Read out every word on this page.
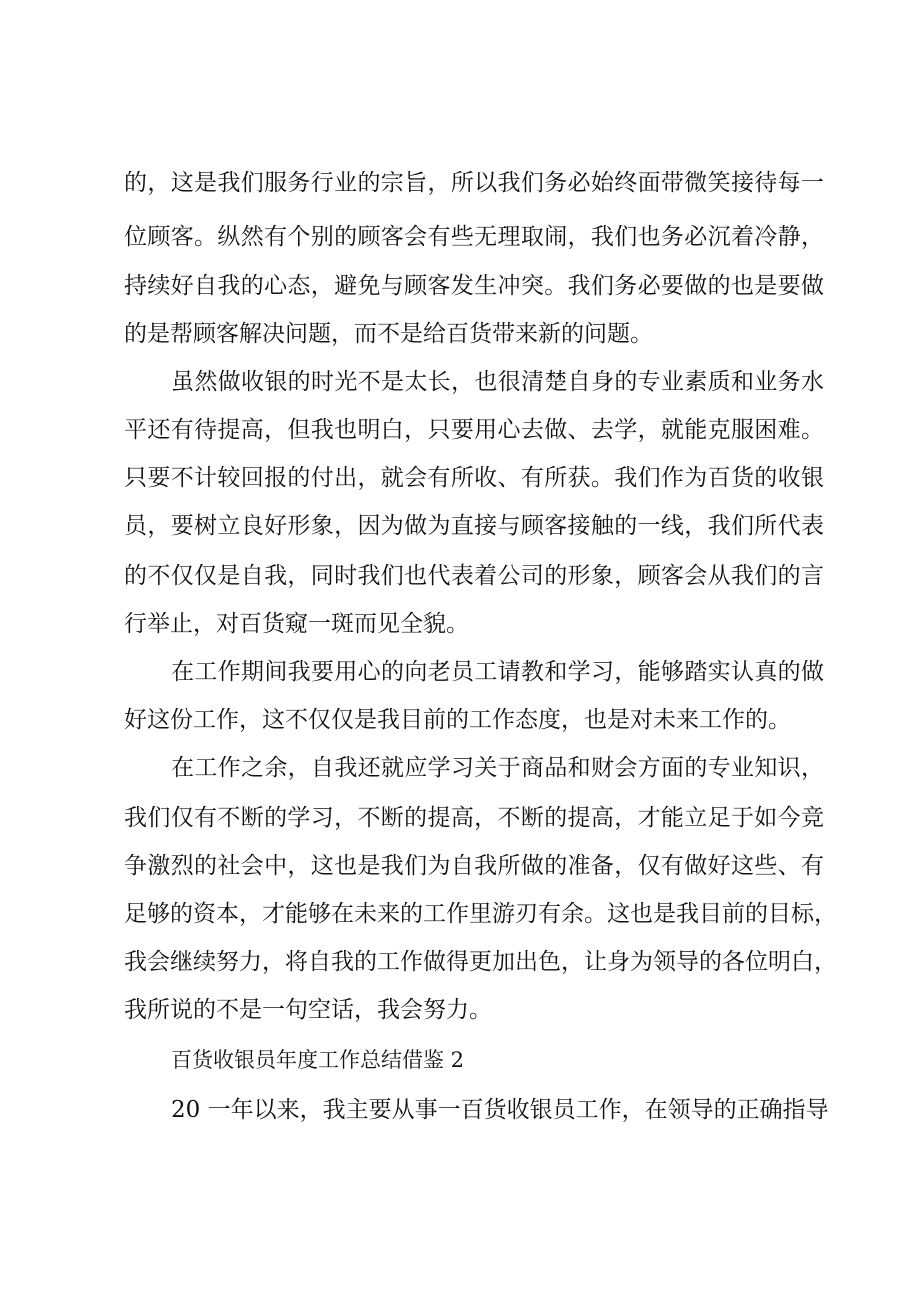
的，这是我们服务行业的宗旨，所以我们务必始终面带微笑接待每一
位顾客。纵然有个别的顾客会有些无理取闹，我们也务必沉着冷静，
持续好自我的心态，避免与顾客发生冲突。我们务必要做的也是要做
的是帮顾客解决问题，而不是给百货带来新的问题。
虽然做收银的时光不是太长，也很清楚自身的专业素质和业务水
平还有待提高，但我也明白，只要用心去做、去学，就能克服困难。
只要不计较回报的付出，就会有所收、有所获。我们作为百货的收银
员，要树立良好形象，因为做为直接与顾客接触的一线，我们所代表
的不仅仅是自我，同时我们也代表着公司的形象，顾客会从我们的言
行举止，对百货窥一斑而见全貌。
在工作期间我要用心的向老员工请教和学习，能够踏实认真的做
好这份工作，这不仅仅是我目前的工作态度，也是对未来工作的。
在工作之余，自我还就应学习关于商品和财会方面的专业知识，
我们仅有不断的学习，不断的提高，不断的提高，才能立足于如今竞
争激烈的社会中，这也是我们为自我所做的准备，仅有做好这些、有
足够的资本，才能够在未来的工作里游刃有余。这也是我目前的目标，
我会继续努力，将自我的工作做得更加出色，让身为领导的各位明白，
我所说的不是一句空话，我会努力。
百货收银员年度工作总结借鉴 2
20 一年以来，我主要从事一百货收银员工作，在领导的正确指导
